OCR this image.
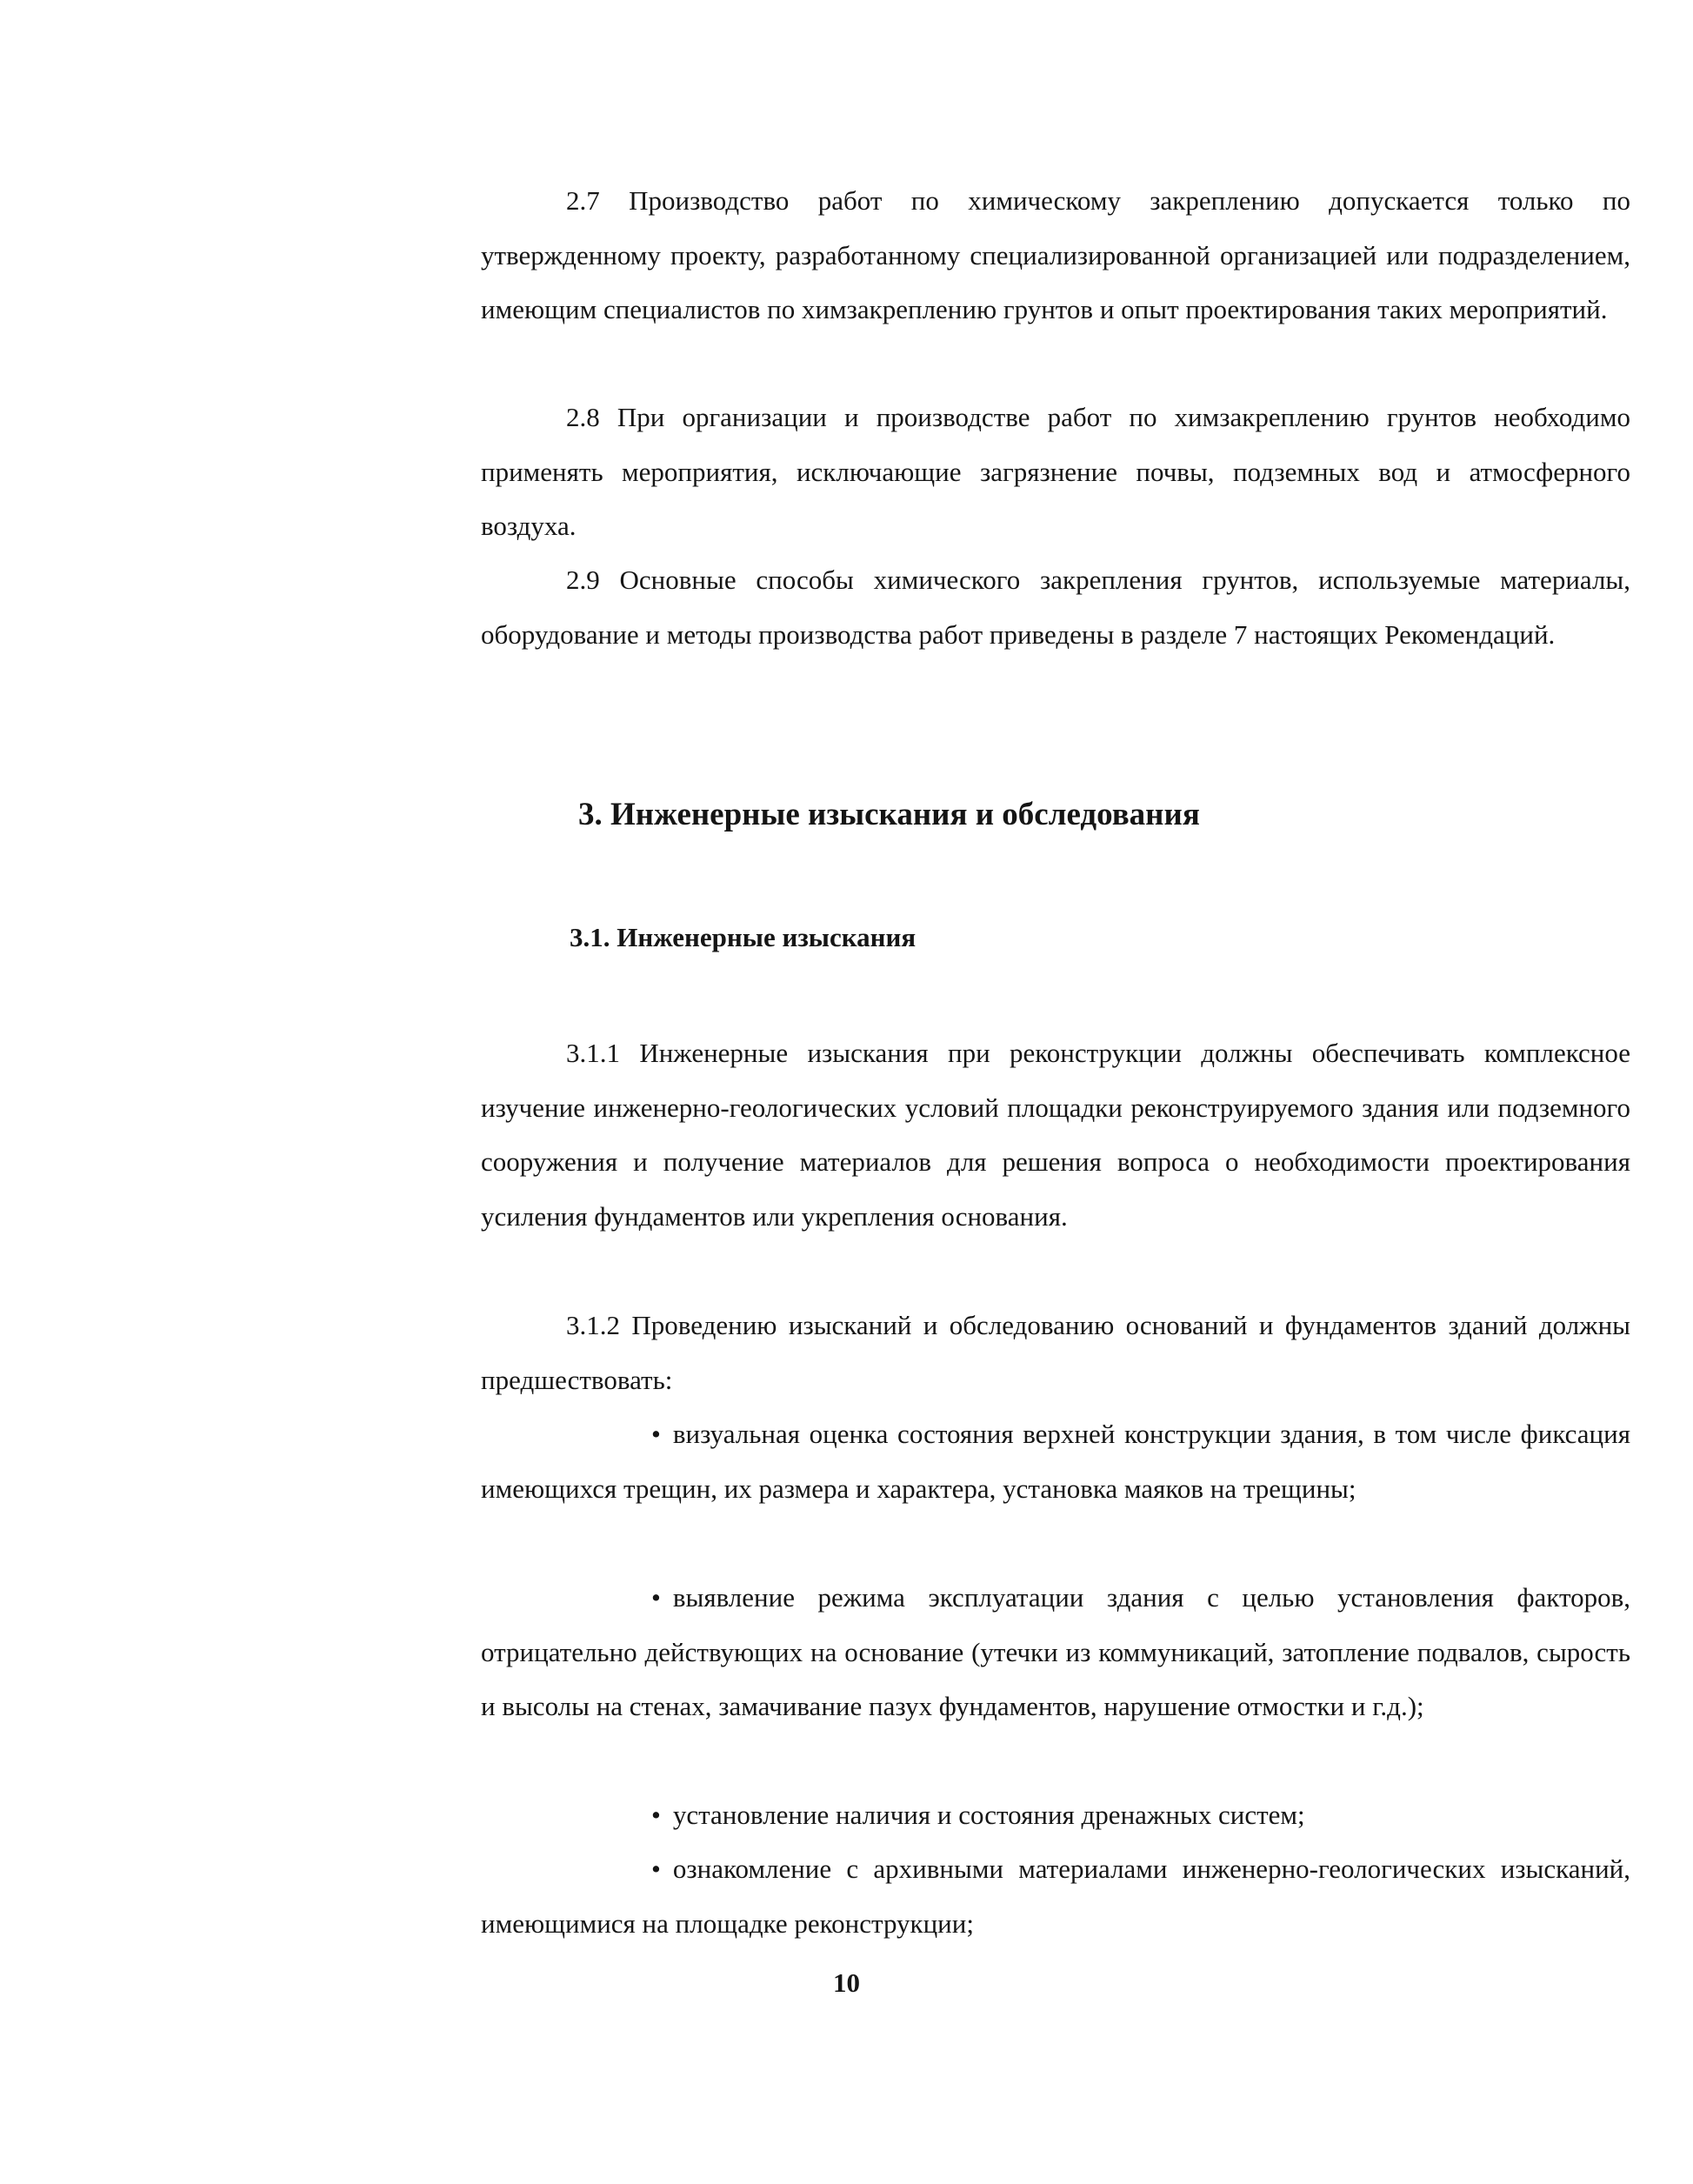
2.7 Производство работ по химическому закреплению допускается только по утвержденному проекту, разработанному специализированной организацией или подразделением, имеющим специалистов по химзакреплению грунтов и опыт проектирования таких мероприятий.

2.8 При организации и производстве работ по химзакреплению грунтов необходимо применять мероприятия, исключающие загрязнение почвы, подземных вод и атмосферного воздуха.

2.9 Основные способы химического закрепления грунтов, используемые материалы, оборудование и методы производства работ приведены в разделе 7 настоящих Рекомендаций.

3. Инженерные изыскания и обследования
3.1. Инженерные изыскания

3.1.1 Инженерные изыскания при реконструкции должны обеспечивать комплексное изучение инженерно-геологических условий площадки реконструируемого здания или подземного сооружения и получение материалов для решения вопроса о необходимости проектирования усиления фундаментов или укрепления основания.

3.1.2 Проведению изысканий и обследованию оснований и фундаментов зданий должны предшествовать:

• визуальная оценка состояния верхней конструкции здания, в том числе фиксация имеющихся трещин, их размера и характера, установка маяков на трещины;

• выявление режима эксплуатации здания с целью установления факторов, отрицательно действующих на основание (утечки из коммуникаций, затопление подвалов, сырость и высолы на стенах, замачивание пазух фундаментов, нарушение отмостки и г.д.);

• установление наличия и состояния дренажных систем;

• ознакомление с архивными материалами инженерно-геологических изысканий, имеющимися на площадке реконструкции;

10
